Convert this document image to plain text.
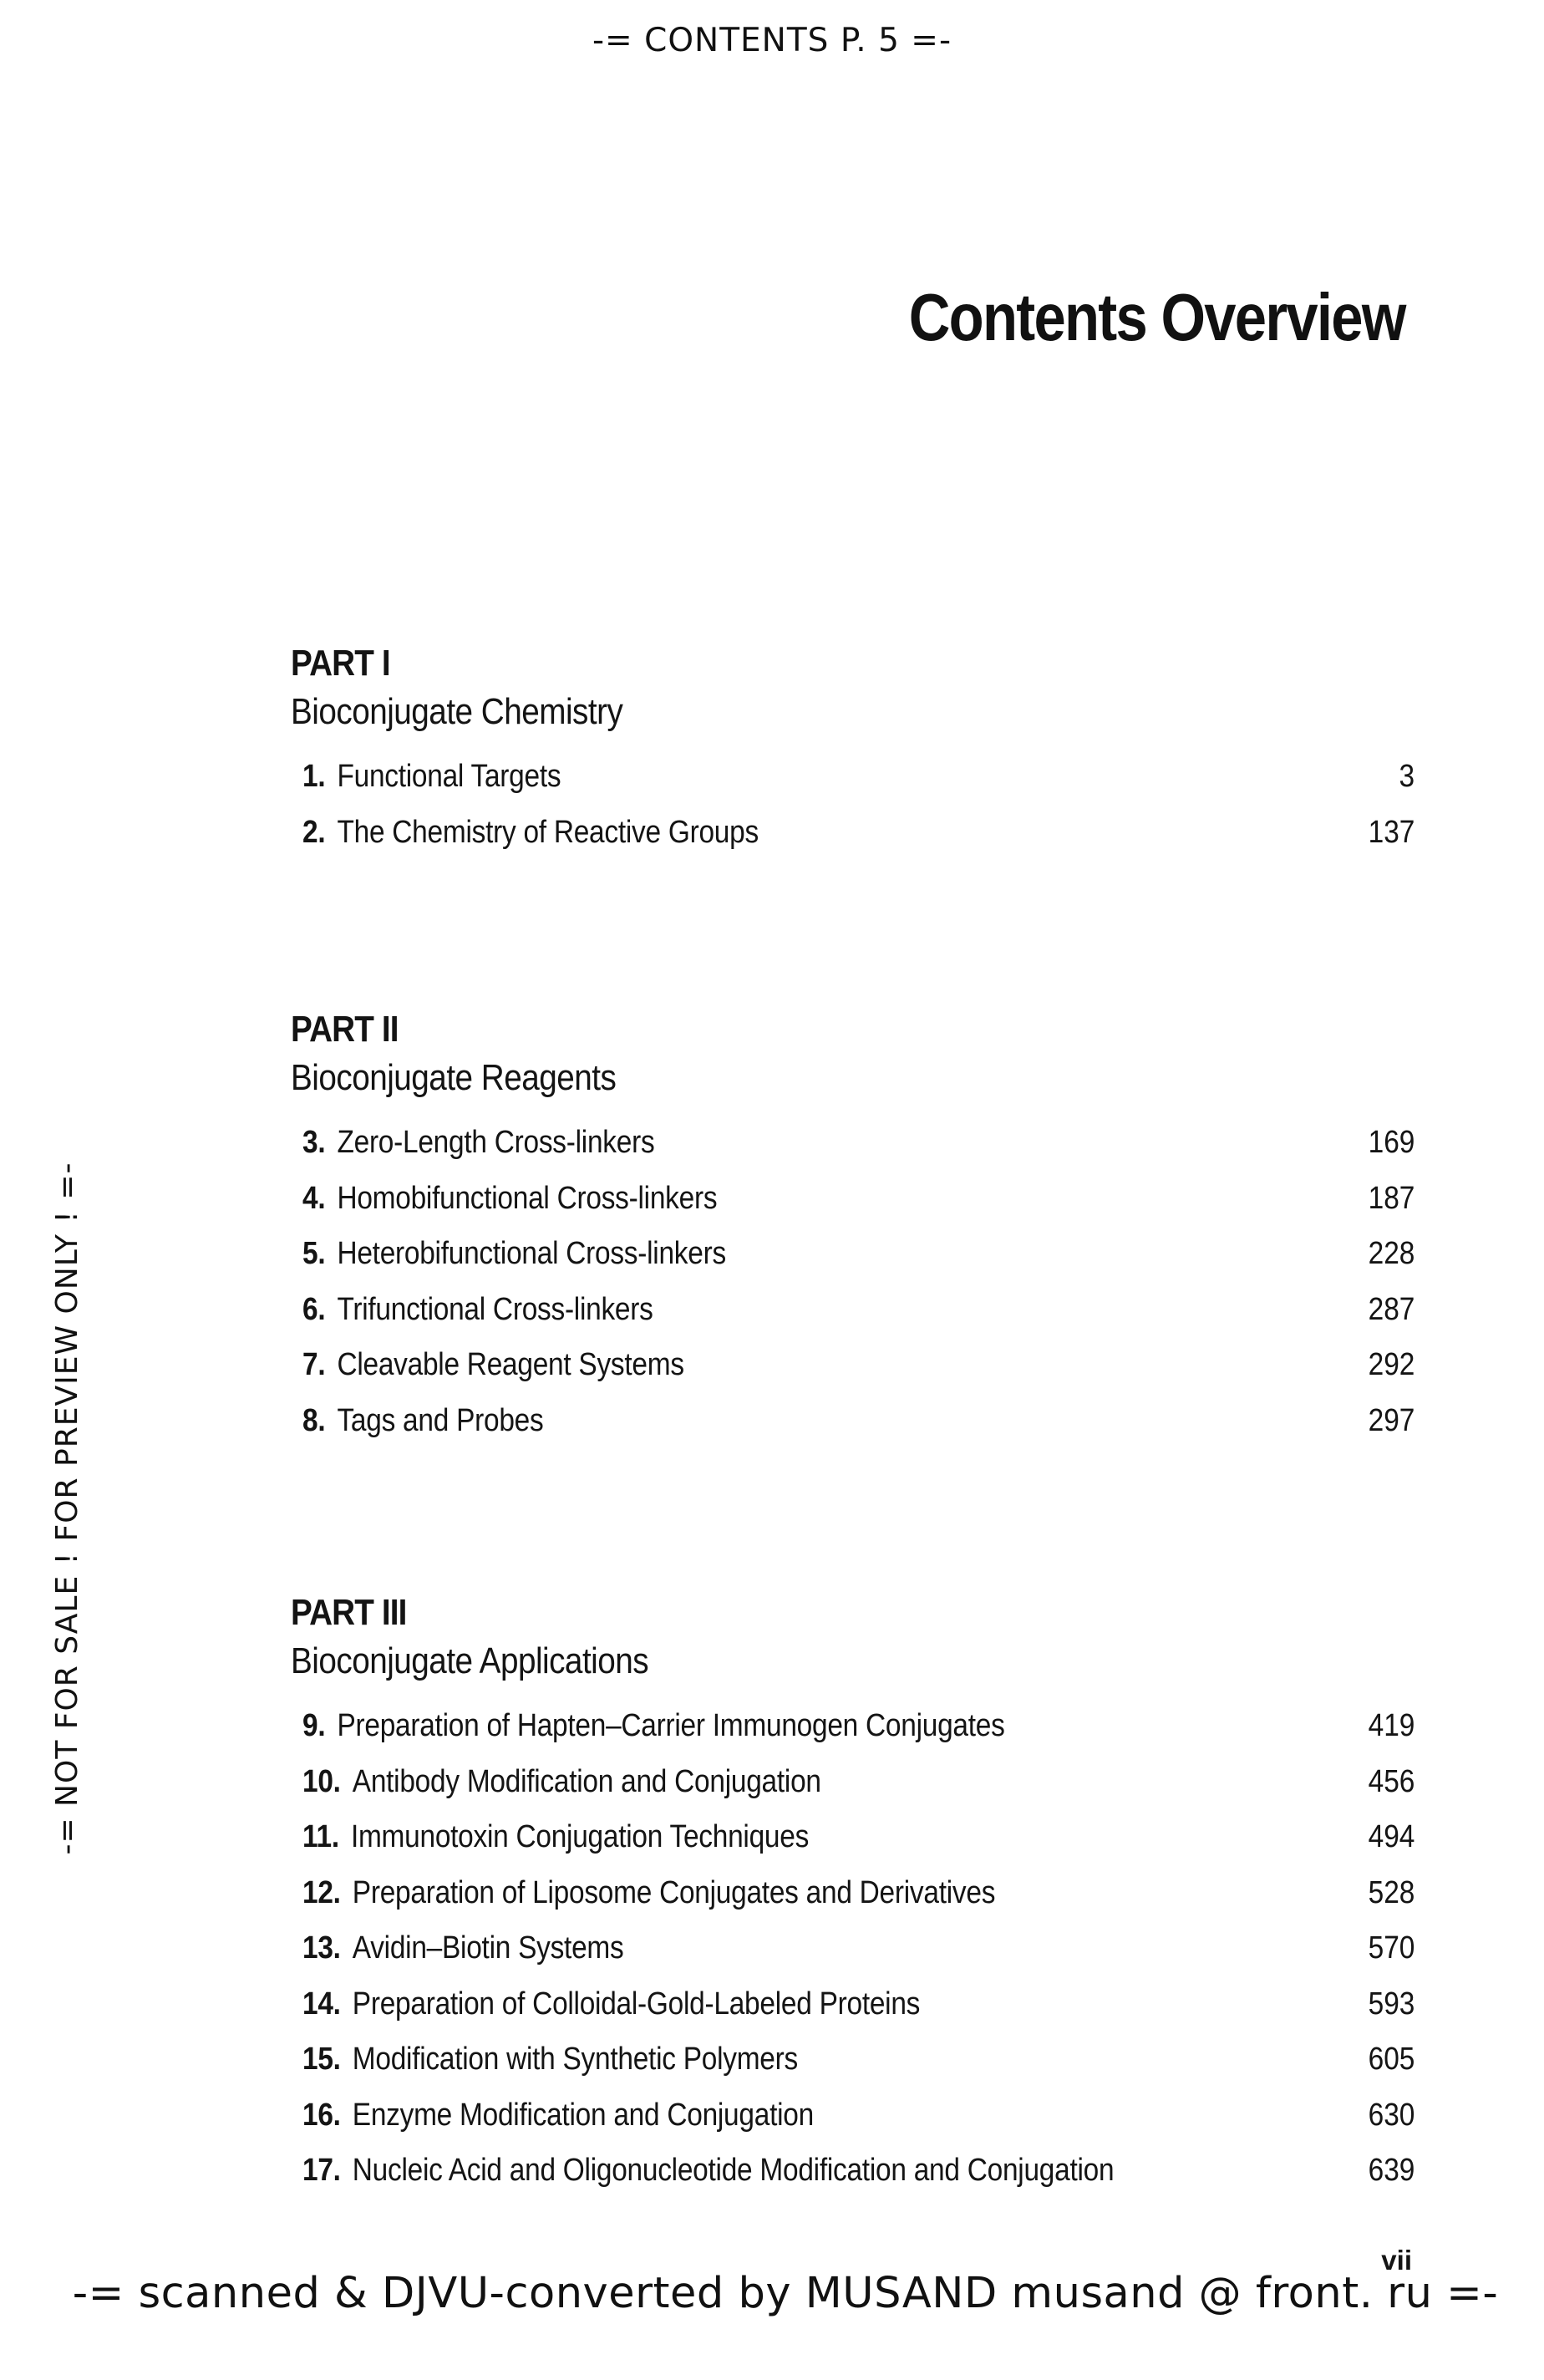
-= CONTENTS P. 5 =-
Contents Overview
PART I
Bioconjugate Chemistry
1. Functional Targets	3
2. The Chemistry of Reactive Groups	137
PART II
Bioconjugate Reagents
3. Zero-Length Cross-linkers	169
4. Homobifunctional Cross-linkers	187
5. Heterobifunctional Cross-linkers	228
6. Trifunctional Cross-linkers	287
7. Cleavable Reagent Systems	292
8. Tags and Probes	297
PART III
Bioconjugate Applications
9. Preparation of Hapten–Carrier Immunogen Conjugates	419
10. Antibody Modification and Conjugation	456
11. Immunotoxin Conjugation Techniques	494
12. Preparation of Liposome Conjugates and Derivatives	528
13. Avidin–Biotin Systems	570
14. Preparation of Colloidal-Gold-Labeled Proteins	593
15. Modification with Synthetic Polymers	605
16. Enzyme Modification and Conjugation	630
17. Nucleic Acid and Oligonucleotide Modification and Conjugation	639

vii

-= NOT FOR SALE ! FOR PREVIEW ONLY ! =-
-= scanned & DJVU-converted by MUSAND musand @ front. ru =-
